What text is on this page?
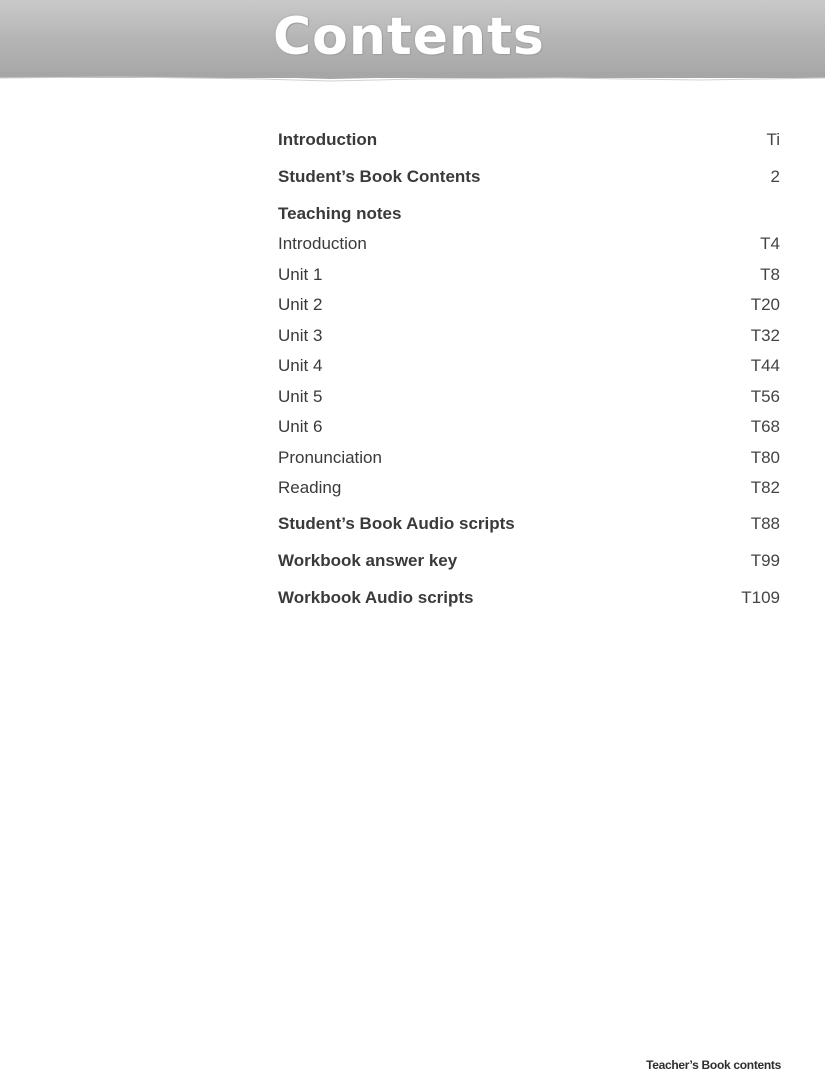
Contents
Introduction	Ti
Student’s Book Contents	2
Teaching notes
Introduction	T4
Unit 1	T8
Unit 2	T20
Unit 3	T32
Unit 4	T44
Unit 5	T56
Unit 6	T68
Pronunciation	T80
Reading	T82
Student’s Book Audio scripts	T88
Workbook answer key	T99
Workbook Audio scripts	T109
Teacher’s Book contents
